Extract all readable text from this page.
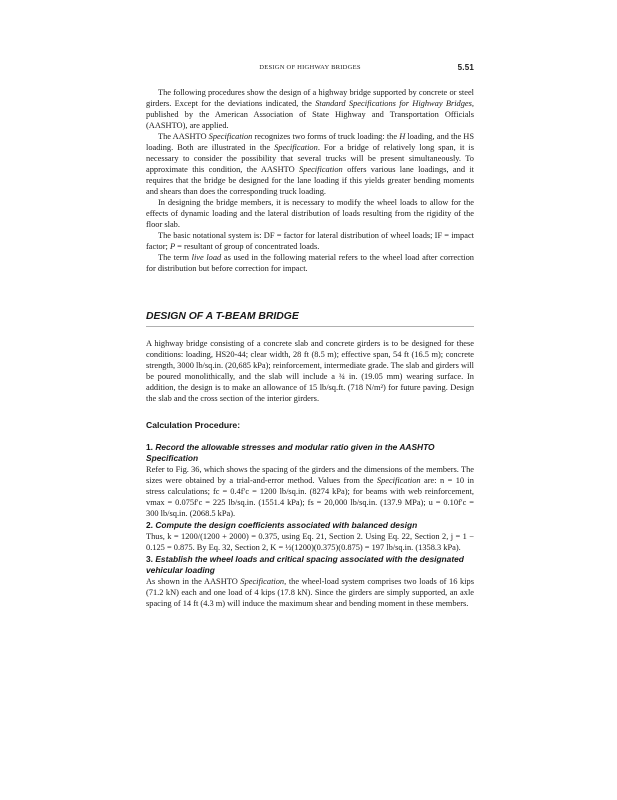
DESIGN OF HIGHWAY BRIDGES	5.51

The following procedures show the design of a highway bridge supported by concrete or steel girders. Except for the deviations indicated, the Standard Specifications for Highway Bridges, published by the American Association of State Highway and Transportation Officials (AASHTO), are applied.

The AASHTO Specification recognizes two forms of truck loading: the H loading, and the HS loading. Both are illustrated in the Specification. For a bridge of relatively long span, it is necessary to consider the possibility that several trucks will be present simultaneously. To approximate this condition, the AASHTO Specification offers various lane loadings, and it requires that the bridge be designed for the lane loading if this yields greater bending moments and shears than does the corresponding truck loading.

In designing the bridge members, it is necessary to modify the wheel loads to allow for the effects of dynamic loading and the lateral distribution of loads resulting from the rigidity of the floor slab.

The basic notational system is: DF = factor for lateral distribution of wheel loads; IF = impact factor; P = resultant of group of concentrated loads.

The term live load as used in the following material refers to the wheel load after correction for distribution but before correction for impact.

DESIGN OF A T-BEAM BRIDGE

A highway bridge consisting of a concrete slab and concrete girders is to be designed for these conditions: loading, HS20-44; clear width, 28 ft (8.5 m); effective span, 54 ft (16.5 m); concrete strength, 3000 lb/sq.in. (20,685 kPa); reinforcement, intermediate grade. The slab and girders will be poured monolithically, and the slab will include a ¾ in. (19.05 mm) wearing surface. In addition, the design is to make an allowance of 15 lb/sq.ft. (718 N/m²) for future paving. Design the slab and the cross section of the interior girders.

Calculation Procedure:
1. Record the allowable stresses and modular ratio given in the AASHTO Specification

Refer to Fig. 36, which shows the spacing of the girders and the dimensions of the members. The sizes were obtained by a trial-and-error method. Values from the Specification are: n = 10 in stress calculations; fc = 0.4f′c = 1200 lb/sq.in. (8274 kPa); for beams with web reinforcement, vmax = 0.075f′c = 225 lb/sq.in. (1551.4 kPa); fs = 20,000 lb/sq.in. (137.9 MPa); u = 0.10f′c = 300 lb/sq.in. (2068.5 kPa).

2. Compute the design coefficients associated with balanced design

Thus, k = 1200/(1200 + 2000) = 0.375, using Eq. 21, Section 2. Using Eq. 22, Section 2, j = 1 − 0.125 = 0.875. By Eq. 32, Section 2, K = ½(1200)(0.375)(0.875) = 197 lb/sq.in. (1358.3 kPa).

3. Establish the wheel loads and critical spacing associated with the designated vehicular loading

As shown in the AASHTO Specification, the wheel-load system comprises two loads of 16 kips (71.2 kN) each and one load of 4 kips (17.8 kN). Since the girders are simply supported, an axle spacing of 14 ft (4.3 m) will induce the maximum shear and bending moment in these members.
